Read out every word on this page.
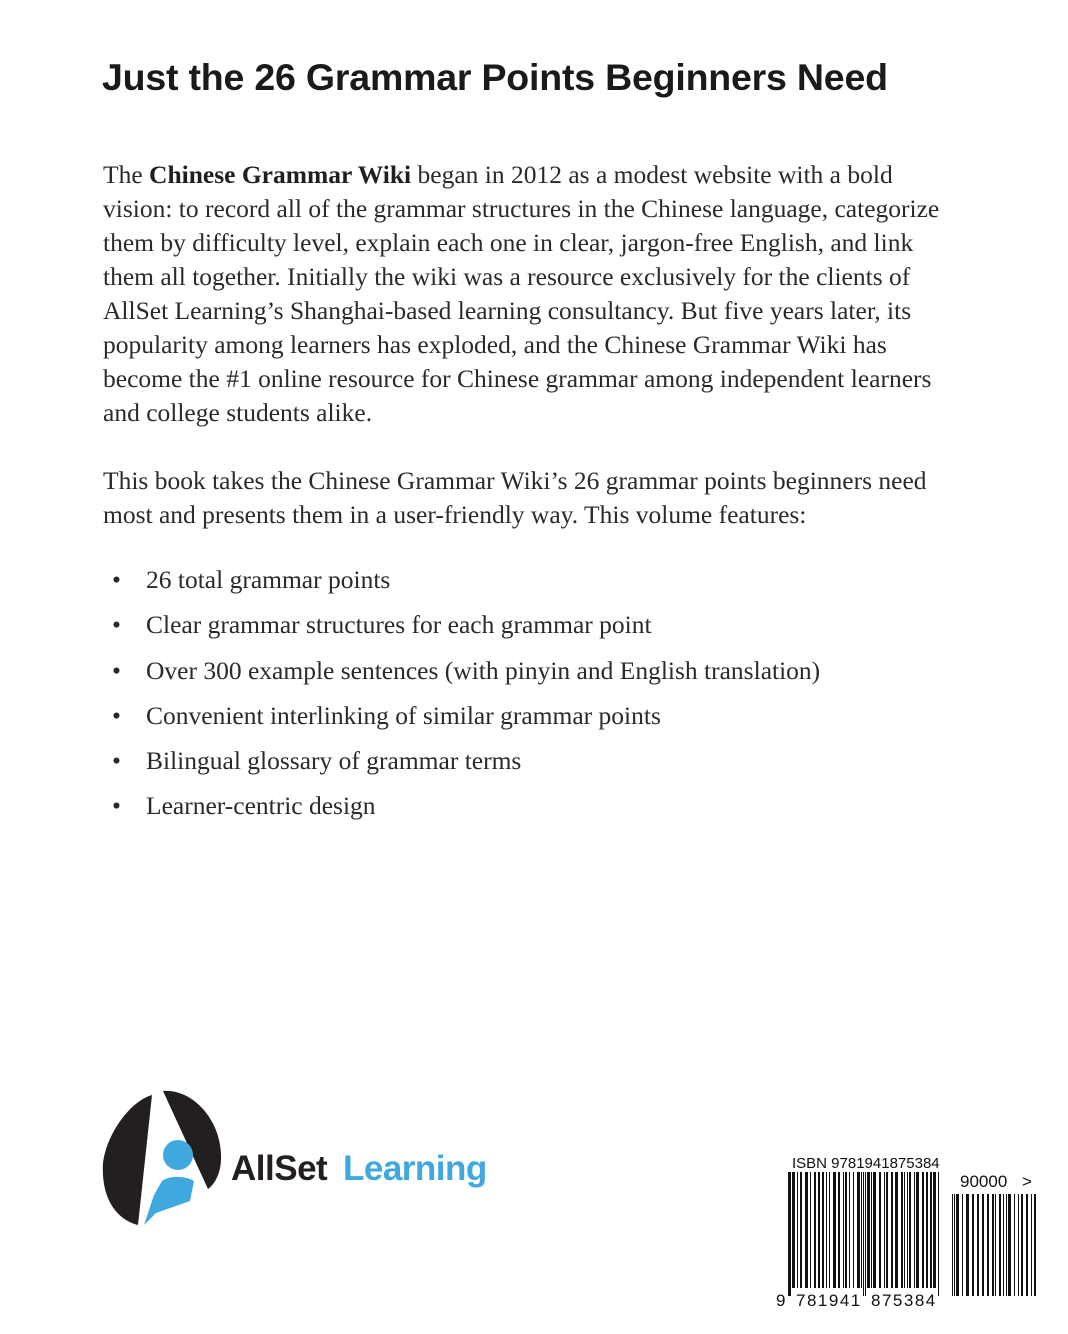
Just the 26 Grammar Points Beginners Need

The Chinese Grammar Wiki began in 2012 as a modest website with a bold vision: to record all of the grammar structures in the Chinese language, categorize them by difficulty level, explain each one in clear, jargon-free English, and link them all together. Initially the wiki was a resource exclusively for the clients of AllSet Learning’s Shanghai-based learning consultancy. But five years later, its popularity among learners has exploded, and the Chinese Grammar Wiki has become the #1 online resource for Chinese grammar among independent learners and college students alike.

This book takes the Chinese Grammar Wiki’s 26 grammar points beginners need most and presents them in a user-friendly way. This volume features:

• 26 total grammar points
• Clear grammar structures for each grammar point
• Over 300 example sentences (with pinyin and English translation)
• Convenient interlinking of similar grammar points
• Bilingual glossary of grammar terms
• Learner-centric design
AllSet Learning	ISBN 9781941875384
9 781941 875384
90000 >
